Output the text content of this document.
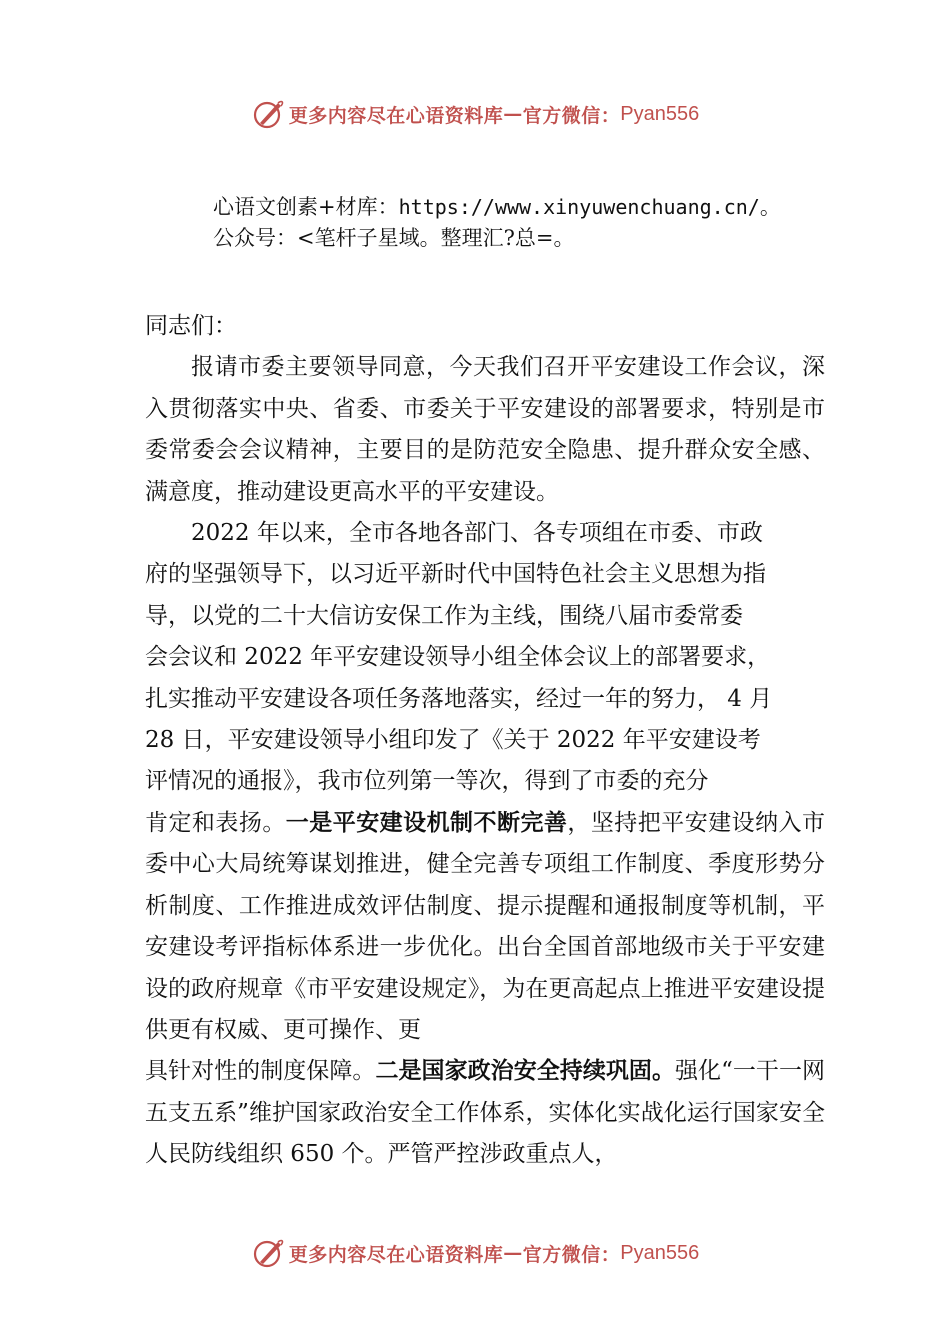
更多内容尽在心语资料库 — 官方微信： Pyan556
心语文创素+材库：https://www.xinyuwenchuang.cn/。
公众号：<笔杆子星域。整理汇?总=。

同志们：

报请市委主要领导同意，今天我们召开平安建设工作会议，深入贯彻落实中央、省委、市委关于平安建设的部署要求，特别是市委常委会会议精神，主要目的是防范安全隐患、提升群众安全感、满意度，推动建设更高水平的平安建设。

2022 年以来，全市各地各部门、各专项组在市委、市政
府的坚强领导下，以习近平新时代中国特色社会主义思想为指
导，以党的二十大信访安保工作为主线，围绕八届市委常委
会会议和 2022 年平安建设领导小组全体会议上的部署要求，
扎实推动平安建设各项任务落地落实，经过一年的努力， 4 月
28 日，平安建设领导小组印发了《关于 2022 年平安建设考
评情况的通报》，我市位列第一等次，得到了市委的充分

肯定和表扬。一是平安建设机制不断完善，坚持把平安建设纳入市委中心大局统筹谋划推进，健全完善专项组工作制度、季度形势分析制度、工作推进成效评估制度、提示提醒和通报制度等机制，平安建设考评指标体系进一步优化。出台全国首部地级市关于平安建设的政府规章《市平安建设规定》，为在更高起点上推进平安建设提供更有权威、更可操作、更

具针对性的制度保障。二是国家政治安全持续巩固。强化“一干一网五支五系”维护国家政治安全工作体系，实体化实战化运行国家安全人民防线组织 650 个。严管严控涉政重点人，

更多内容尽在心语资料库 — 官方微信： Pyan556
